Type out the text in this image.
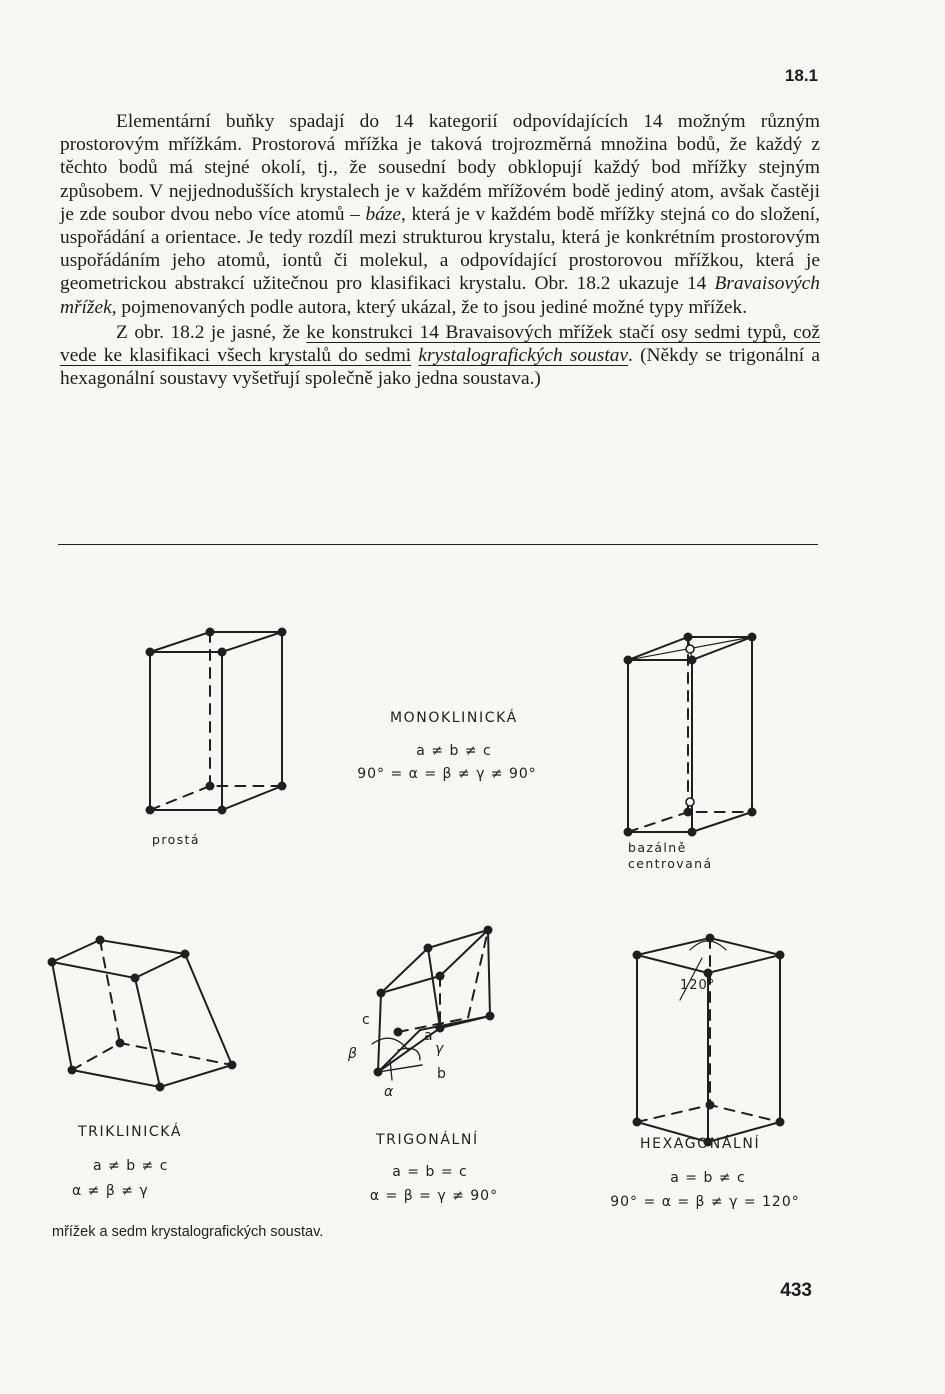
18.1

Elementární buňky spadají do 14 kategorií odpovídajících 14 možným různým prostorovým mřížkám. Prostorová mřížka je taková trojrozměrná množina bodů, že každý z těchto bodů má stejné okolí, tj., že sousední body obklopují každý bod mřížky stejným způsobem. V nejjednodušších krystalech je v každém mřížovém bodě jediný atom, avšak častěji je zde soubor dvou nebo více atomů – báze, která je v každém bodě mřížky stejná co do složení, uspořádání a orientace. Je tedy rozdíl mezi strukturou krystalu, která je konkrétním prostorovým uspořádáním jeho atomů, iontů či molekul, a odpovídající prostorovou mřížkou, která je geometrickou abstrakcí užitečnou pro klasifikaci krystalu. Obr. 18.2 ukazuje 14 Bravaisových mřížek, pojmenovaných podle autora, který ukázal, že to jsou jediné možné typy mřížek.

Z obr. 18.2 je jasné, že ke konstrukci 14 Bravaisových mřížek stačí osy sedmi typů, což vede ke klasifikaci všech krystalů do sedmi krystalografických soustav. (Někdy se trigonální a hexagonální soustavy vyšetřují společně jako jedna soustava.)

MONOKLINICKÁ
a ≠ b ≠ c
90° = α = β ≠ γ ≠ 90°
prostá
bazálně
centrovaná
c
a
b
β	γ
α
120°
TRIKLINICKÁ
a ≠ b ≠ c
α ≠ β ≠ γ
TRIGONÁLNÍ
a = b = c
α = β = γ ≠ 90°
HEXAGONÁLNÍ
a = b ≠ c
90° = α = β ≠ γ = 120°
mřížek a sedm krystalografických soustav.
433
